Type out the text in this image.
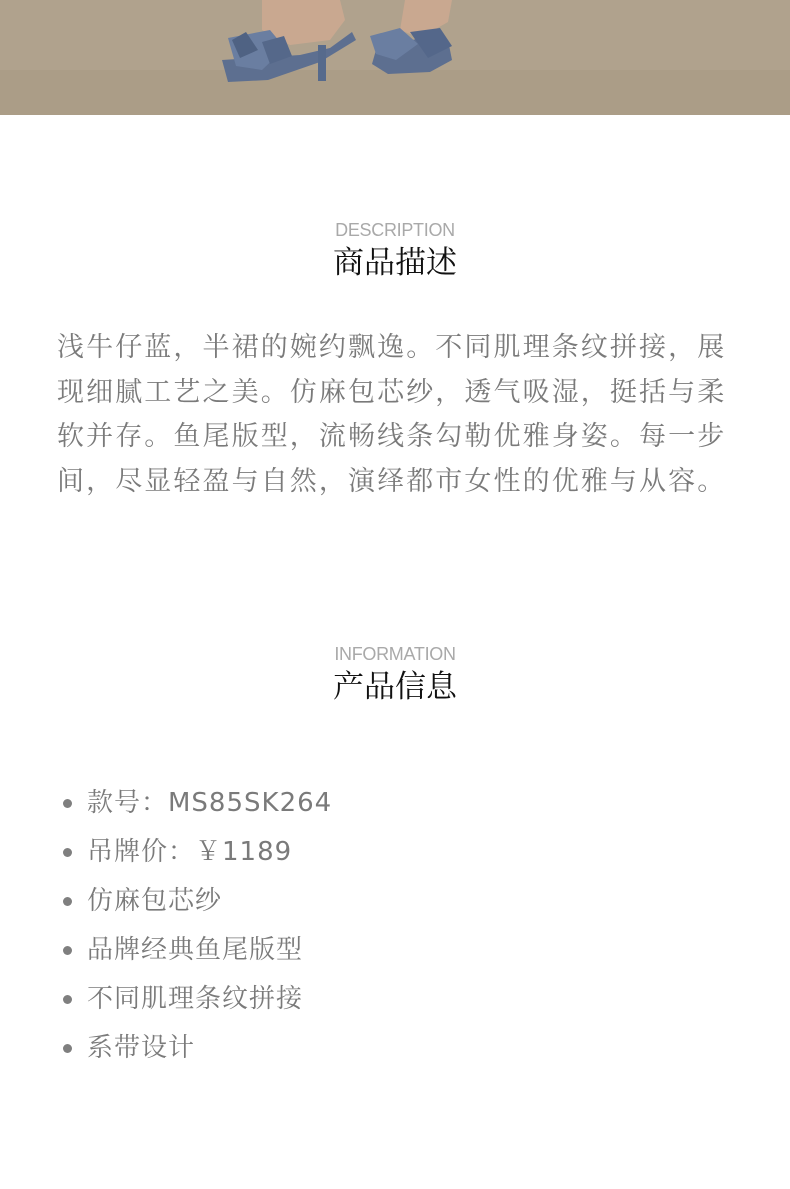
DESCRIPTION
商品描述

浅牛仔蓝，半裙的婉约飘逸。不同肌理条纹拼接，展现细腻工艺之美。仿麻包芯纱，透气吸湿，挺括与柔软并存。鱼尾版型，流畅线条勾勒优雅身姿。每一步间，尽显轻盈与自然，演绎都市女性的优雅与从容。

INFORMATION
产品信息
款号：MS85SK264
吊牌价：￥1189
仿麻包芯纱
品牌经典鱼尾版型
不同肌理条纹拼接
系带设计
